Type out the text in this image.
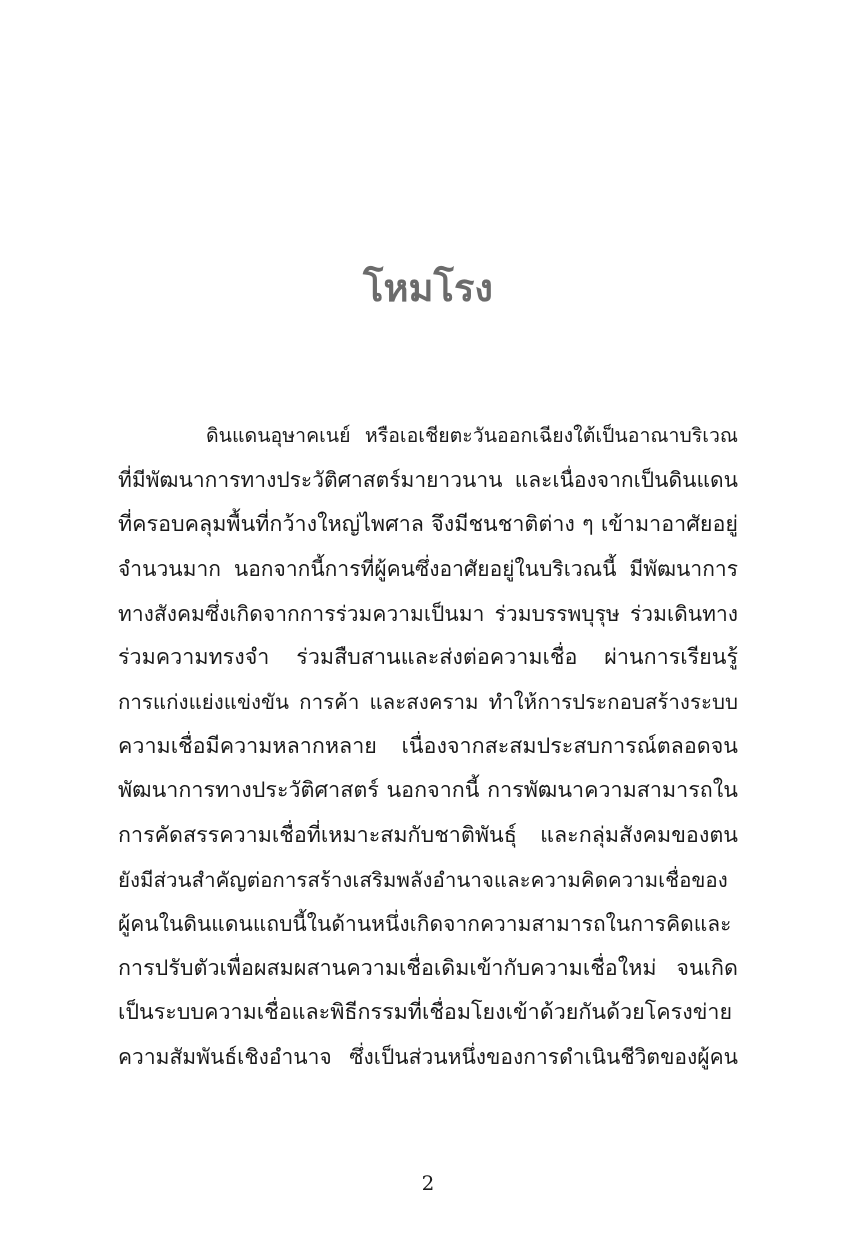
โหมโรง
ดินแดนอุษาคเนย์ หรือเอเชียตะวันออกเฉียงใต้เป็นอาณาบริเวณ
ที่มีพัฒนาการทางประวัติศาสตร์มายาวนาน และเนื่องจากเป็นดินแดน
ที่ครอบคลุมพื้นที่กว้างใหญ่ไพศาล จึงมีชนชาติต่าง ๆ เข้ามาอาศัยอยู่
จำนวนมาก นอกจากนี้การที่ผู้คนซึ่งอาศัยอยู่ในบริเวณนี้ มีพัฒนาการ
ทางสังคมซึ่งเกิดจากการร่วมความเป็นมา ร่วมบรรพบุรุษ ร่วมเดินทาง
ร่วมความทรงจำ ร่วมสืบสานและส่งต่อความเชื่อ ผ่านการเรียนรู้
การแก่งแย่งแข่งขัน การค้า และสงคราม ทำให้การประกอบสร้างระบบ
ความเชื่อมีความหลากหลาย เนื่องจากสะสมประสบการณ์ตลอดจน
พัฒนาการทางประวัติศาสตร์ นอกจากนี้ การพัฒนาความสามารถใน
การคัดสรรความเชื่อที่เหมาะสมกับชาติพันธุ์ และกลุ่มสังคมของตน
ยังมีส่วนสำคัญต่อการสร้างเสริมพลังอำนาจและความคิดความเชื่อของ
ผู้คนในดินแดนแถบนี้ในด้านหนึ่งเกิดจากความสามารถในการคิดและ
การปรับตัวเพื่อผสมผสานความเชื่อเดิมเข้ากับความเชื่อใหม่ จนเกิด
เป็นระบบความเชื่อและพิธีกรรมที่เชื่อมโยงเข้าด้วยกันด้วยโครงข่าย
ความสัมพันธ์เชิงอำนาจ ซึ่งเป็นส่วนหนึ่งของการดำเนินชีวิตของผู้คน
2
